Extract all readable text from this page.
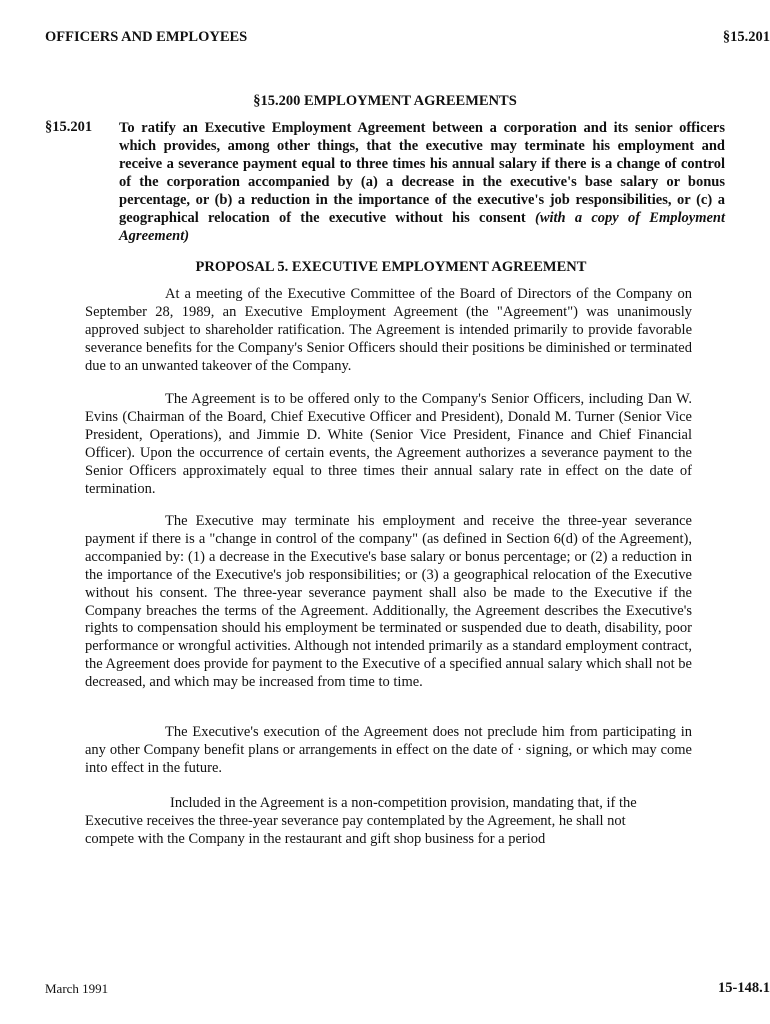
OFFICERS AND EMPLOYEES	§15.201
§15.200 EMPLOYMENT AGREEMENTS
§15.201 To ratify an Executive Employment Agreement between a corporation and its senior officers which provides, among other things, that the executive may terminate his employment and receive a severance payment equal to three times his annual salary if there is a change of control of the corporation accompanied by (a) a decrease in the executive's base salary or bonus percentage, or (b) a reduction in the importance of the executive's job responsibilities, or (c) a geographical relocation of the executive without his consent (with a copy of Employment Agreement)
PROPOSAL 5. EXECUTIVE EMPLOYMENT AGREEMENT

At a meeting of the Executive Committee of the Board of Directors of the Company on September 28, 1989, an Executive Employment Agreement (the "Agreement") was unanimously approved subject to shareholder ratification. The Agreement is intended primarily to provide favorable severance benefits for the Company's Senior Officers should their positions be diminished or terminated due to an unwanted takeover of the Company.

The Agreement is to be offered only to the Company's Senior Officers, including Dan W. Evins (Chairman of the Board, Chief Executive Officer and President), Donald M. Turner (Senior Vice President, Operations), and Jimmie D. White (Senior Vice President, Finance and Chief Financial Officer). Upon the occurrence of certain events, the Agreement authorizes a severance payment to the Senior Officers approximately equal to three times their annual salary rate in effect on the date of termination.

The Executive may terminate his employment and receive the three-year severance payment if there is a "change in control of the company" (as defined in Section 6(d) of the Agreement), accompanied by: (1) a decrease in the Executive's base salary or bonus percentage; or (2) a reduction in the importance of the Executive's job responsibilities; or (3) a geographical relocation of the Executive without his consent. The three-year severance payment shall also be made to the Executive if the Company breaches the terms of the Agreement. Additionally, the Agreement describes the Executive's rights to compensation should his employment be terminated or suspended due to death, disability, poor performance or wrongful activities. Although not intended primarily as a standard employment contract, the Agreement does provide for payment to the Executive of a specified annual salary which shall not be decreased, and which may be increased from time to time.

The Executive's execution of the Agreement does not preclude him from participating in any other Company benefit plans or arrangements in effect on the date of · signing, or which may come into effect in the future.

Included in the Agreement is a non-competition provision, mandating that, if the Executive receives the three-year severance pay contemplated by the Agreement, he shall not compete with the Company in the restaurant and gift shop business for a period

March 1991	15-148.1
